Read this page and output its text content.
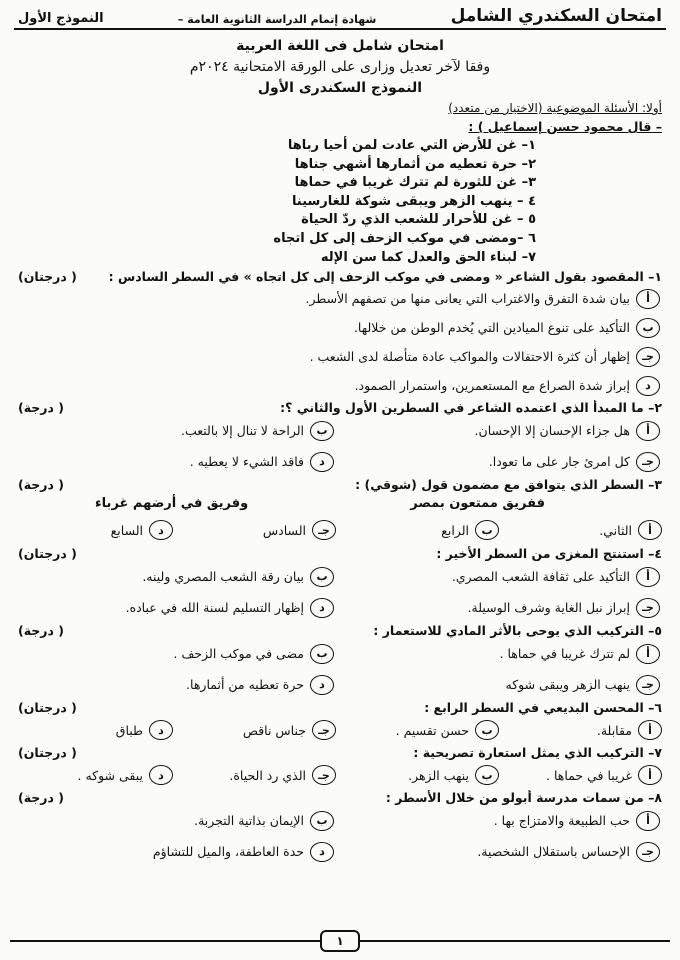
امتحان السكندري الشامل
شهادة إتمام الدراسة الثانوية العامة –
النموذج الأول
امتحان شامل فى اللغة العربية
وفقا لآخر تعديل وزارى على الورقة الامتحانية ٢٠٢٤م
النموذج السكندرى الأول
أولا: الأسئلة الموضوعية (الاختيار من متعدد)
– قال محمود حسن إسماعيل ) :
١– غن للأرض التي عادت لمن أحيا رباها
٢– حرة تعطيه من أثمارها أشهي جناها
٣– غن للثورة لم تترك غريبا في حماها
٤ – ينهب الزهر ويبقى شوكة للغارسينا
٥ – غن للأحرار للشعب الذي ردّ الحياة
٦ –ومضى في موكب الزحف إلى كل اتجاه
٧– لبناء الحق والعدل كما سن الإله
١– المقصود بقول الشاعر « ومضى في موكب الزحف إلى كل اتجاه » في السطر السادس :
( درجتان)
أ
بيان شدة التفرق والاغتراب التي يعانى منها من تصفهم الأسطر.
ب
التأكيد على تنوع الميادين التي يُخدم الوطن من خلالها.
جـ
إظهار أن كثرة الاحتفالات والمواكب عادة متأصلة لدى الشعب .
د
إبراز شدة الصراع مع المستعمرين، واستمرار الصمود.
٢– ما المبدأ الذي اعتمده الشاعر في السطرين الأول والثاني ؟:
( درجة)
أ
هل جزاء الإحسان إلا الإحسان.
ب
الراحة لا تنال إلا بالتعب.
جـ
كل امرئ جار على ما تعودا.
د
فاقد الشيء لا يعطيه .
٣– السطر الذي يتوافق مع مضمون قول (شوقي) :
( درجة)
ففريق ممتعون بمصر
وفريق في أرضهم غرباء
أ
الثاني.
ب
الرابع
جـ
السادس
د
السابع
٤– استنتج المغزى من السطر الأخير :
( درجتان)
أ
التأكيد على ثقافة الشعب المصري.
ب
بيان رقة الشعب المصري ولينه.
جـ
إبراز نبل الغاية وشرف الوسيلة.
د
إظهار التسليم لسنة الله في عباده.
٥– التركيب الذي يوحى بالأثر المادي للاستعمار :
( درجة)
أ
لم تترك غريبا في حماها .
ب
مضى في موكب الزحف .
جـ
ينهب الزهر ويبقى شوكه
د
حرة تعطيه من أثمارها.
٦– المحسن البديعي في السطر الرابع :
( درجتان)
أ
مقابلة.
ب
حسن تقسيم .
جـ
جناس ناقص
د
طباق
٧– التركيب الذي يمثل استعارة تصريحية :
( درجتان)
أ
غريبا في حماها .
ب
ينهب الزهر.
جـ
الذي رد الحياة.
د
يبقى شوكه .
٨– من سمات مدرسة أبولو من خلال الأسطر :
( درجة)
أ
حب الطبيعة والامتزاج بها .
ب
الإيمان بذاتية التجربة.
جـ
الإحساس باستقلال الشخصية.
د
حدة العاطفة، والميل للتشاؤم
١
